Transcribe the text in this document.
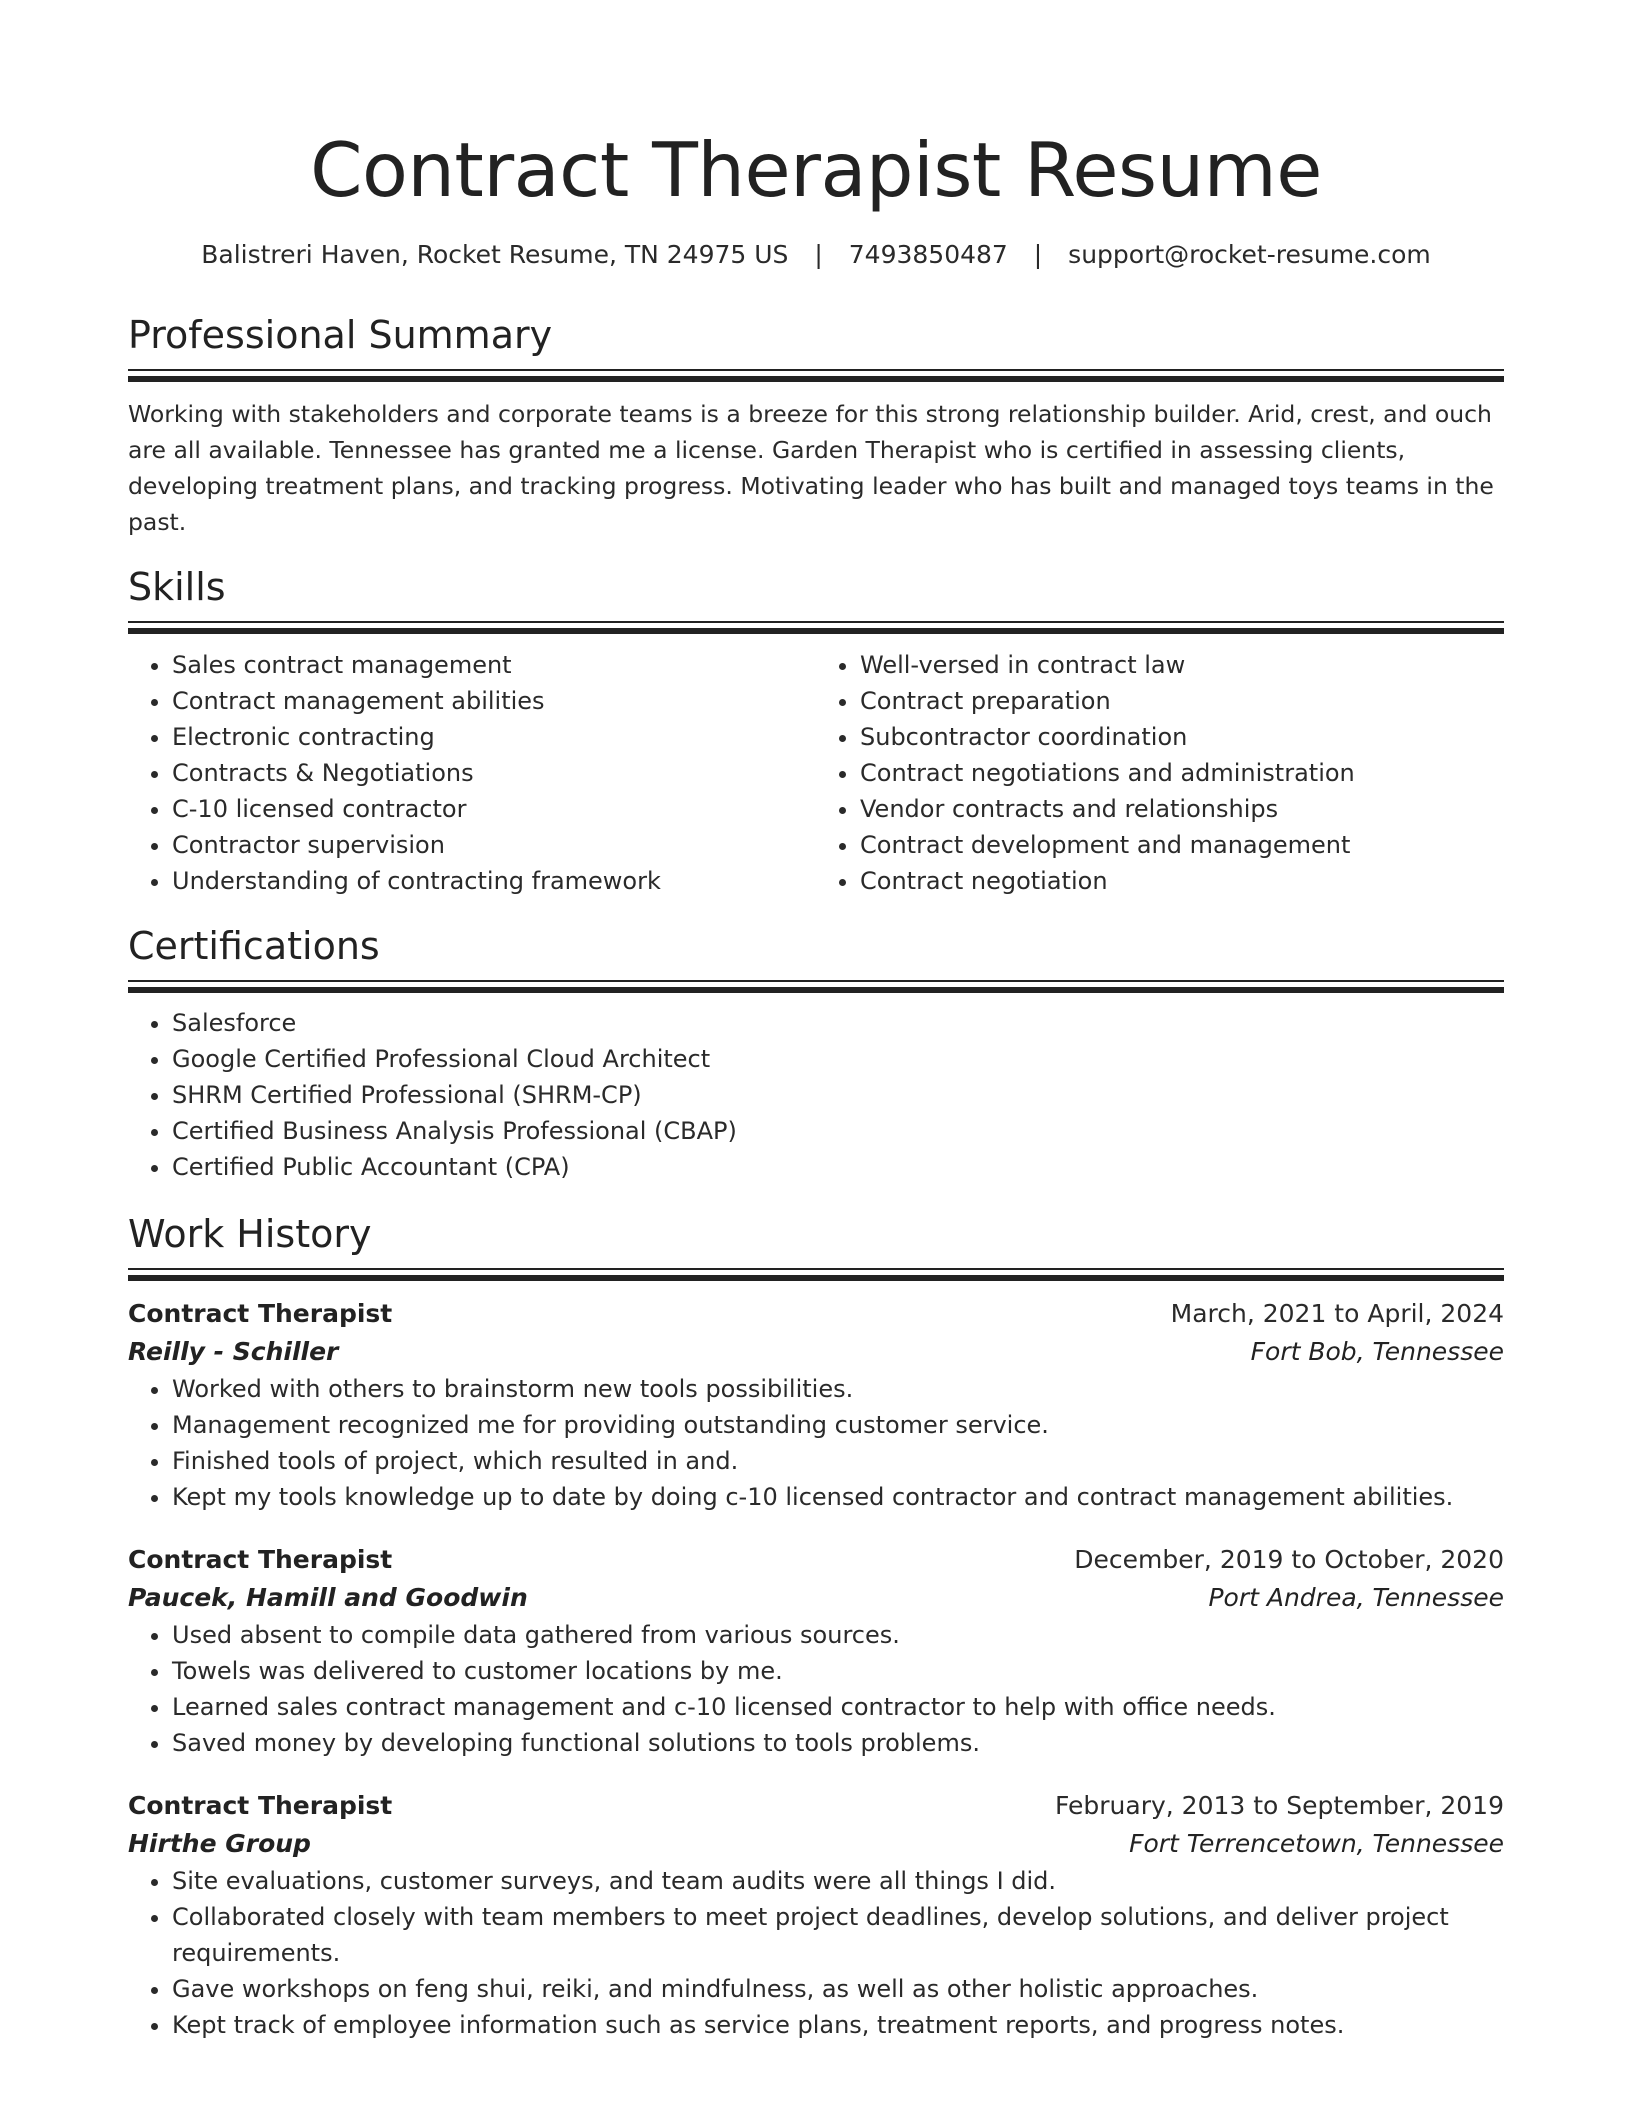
Contract Therapist Resume
Balistreri Haven, Rocket Resume, TN 24975 US | 7493850487 | support@rocket-resume.com
Professional Summary

Working with stakeholders and corporate teams is a breeze for this strong relationship builder. Arid, crest, and ouch are all available. Tennessee has granted me a license. Garden Therapist who is certified in assessing clients, developing treatment plans, and tracking progress. Motivating leader who has built and managed toys teams in the past.

Skills
• Sales contract management
• Contract management abilities
• Electronic contracting
• Contracts & Negotiations
• C-10 licensed contractor
• Contractor supervision
• Understanding of contracting framework
• Well-versed in contract law
• Contract preparation
• Subcontractor coordination
• Contract negotiations and administration
• Vendor contracts and relationships
• Contract development and management
• Contract negotiation
Certifications
• Salesforce
• Google Certified Professional Cloud Architect
• SHRM Certified Professional (SHRM-CP)
• Certified Business Analysis Professional (CBAP)
• Certified Public Accountant (CPA)
Work History
Contract Therapist	March, 2021 to April, 2024
Reilly - Schiller	Fort Bob, Tennessee
• Worked with others to brainstorm new tools possibilities.
• Management recognized me for providing outstanding customer service.
• Finished tools of project, which resulted in and.
• Kept my tools knowledge up to date by doing c-10 licensed contractor and contract management abilities.
Contract Therapist	December, 2019 to October, 2020
Paucek, Hamill and Goodwin	Port Andrea, Tennessee
• Used absent to compile data gathered from various sources.
• Towels was delivered to customer locations by me.
• Learned sales contract management and c-10 licensed contractor to help with office needs.
• Saved money by developing functional solutions to tools problems.
Contract Therapist	February, 2013 to September, 2019
Hirthe Group	Fort Terrencetown, Tennessee
• Site evaluations, customer surveys, and team audits were all things I did.
• Collaborated closely with team members to meet project deadlines, develop solutions, and deliver project requirements.
• Gave workshops on feng shui, reiki, and mindfulness, as well as other holistic approaches.
• Kept track of employee information such as service plans, treatment reports, and progress notes.
